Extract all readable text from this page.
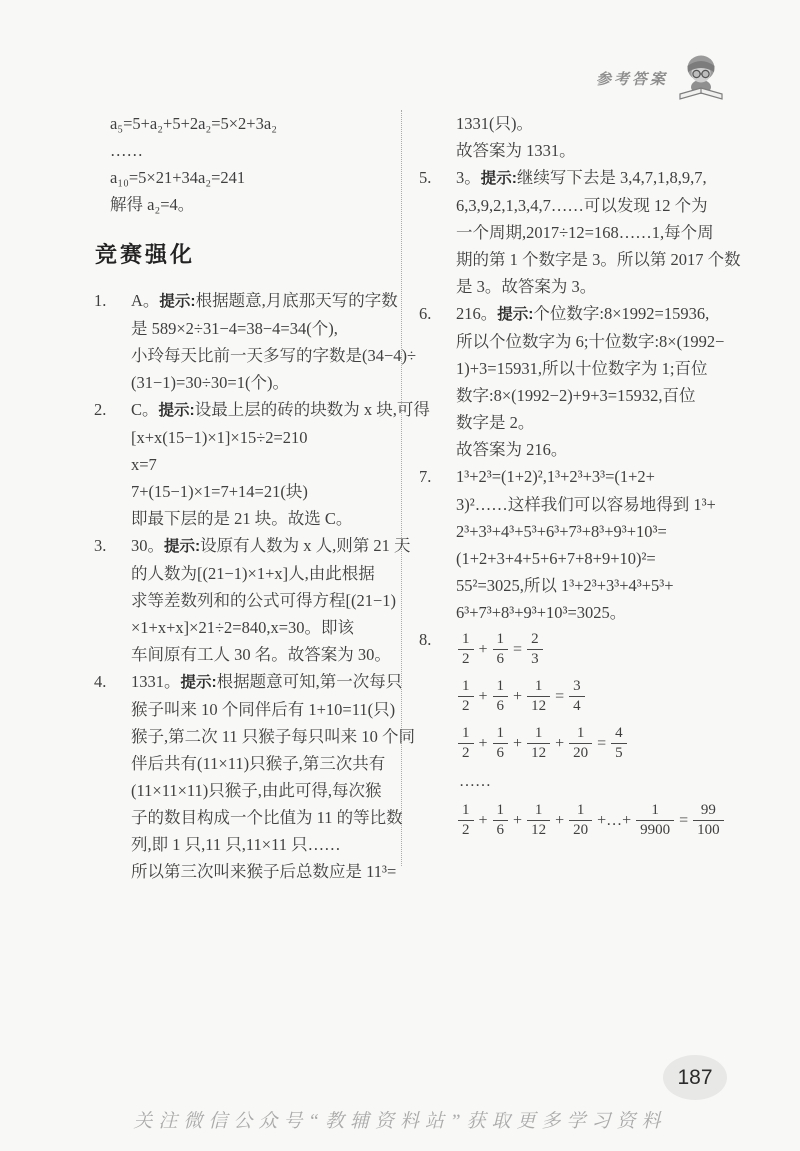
参考答案
a₅=5+a₂+5+2a₂=5×2+3a₂
……
a₁₀=5×21+34a₂=241
解得 a₂=4。
竞赛强化
1.	A。提示:根据题意,月底那天写的字数
是 589×2÷31−4=38−4=34(个),
小玲每天比前一天多写的字数是(34−4)÷
(31−1)=30÷30=1(个)。
2.	C。提示:设最上层的砖的块数为 x 块,可得
[x+x(15−1)×1]×15÷2=210
x=7
7+(15−1)×1=7+14=21(块)
即最下层的是 21 块。故选 C。
3.	30。提示:设原有人数为 x 人,则第 21 天
的人数为[(21−1)×1+x]人,由此根据
求等差数列和的公式可得方程[(21−1)
×1+x+x]×21÷2=840,x=30。即该
车间原有工人 30 名。故答案为 30。
4.	1331。提示:根据题意可知,第一次每只
猴子叫来 10 个同伴后有 1+10=11(只)
猴子,第二次 11 只猴子每只叫来 10 个同
伴后共有(11×11)只猴子,第三次共有
(11×11×11)只猴子,由此可得,每次猴
子的数目构成一个比值为 11 的等比数
列,即 1 只,11 只,11×11 只……
所以第三次叫来猴子后总数应是 11³=
1331(只)。
故答案为 1331。
5.	3。提示:继续写下去是 3,4,7,1,8,9,7,
6,3,9,2,1,3,4,7……可以发现 12 个为
一个周期,2017÷12=168……1,每个周
期的第 1 个数字是 3。所以第 2017 个数
是 3。故答案为 3。
6.	216。提示:个位数字:8×1992=15936,
所以个位数字为 6;十位数字:8×(1992−
1)+3=15931,所以十位数字为 1;百位
数字:8×(1992−2)+9+3=15932,百位
数字是 2。
故答案为 216。
7.	1³+2³=(1+2)²,1³+2³+3³=(1+2+
3)²……这样我们可以容易地得到 1³+
2³+3³+4³+5³+6³+7³+8³+9³+10³=
(1+2+3+4+5+6+7+8+9+10)²=
55²=3025,所以 1³+2³+3³+4³+5³+
6³+7³+8³+9³+10³=3025。
8.	$\frac{1}{2} + \frac{1}{6} = \frac{2}{3}$
$\frac{1}{2} + \frac{1}{6} + \frac{1}{12} = \frac{3}{4}$
$\frac{1}{2} + \frac{1}{6} + \frac{1}{12} + \frac{1}{20} = \frac{4}{5}$
……
$\frac{1}{2} + \frac{1}{6} + \frac{1}{12} + \frac{1}{20}$ +…+ $\frac{1}{9900} = \frac{99}{100}$
187
关注微信公众号“教辅资料站”获取更多学习资料
